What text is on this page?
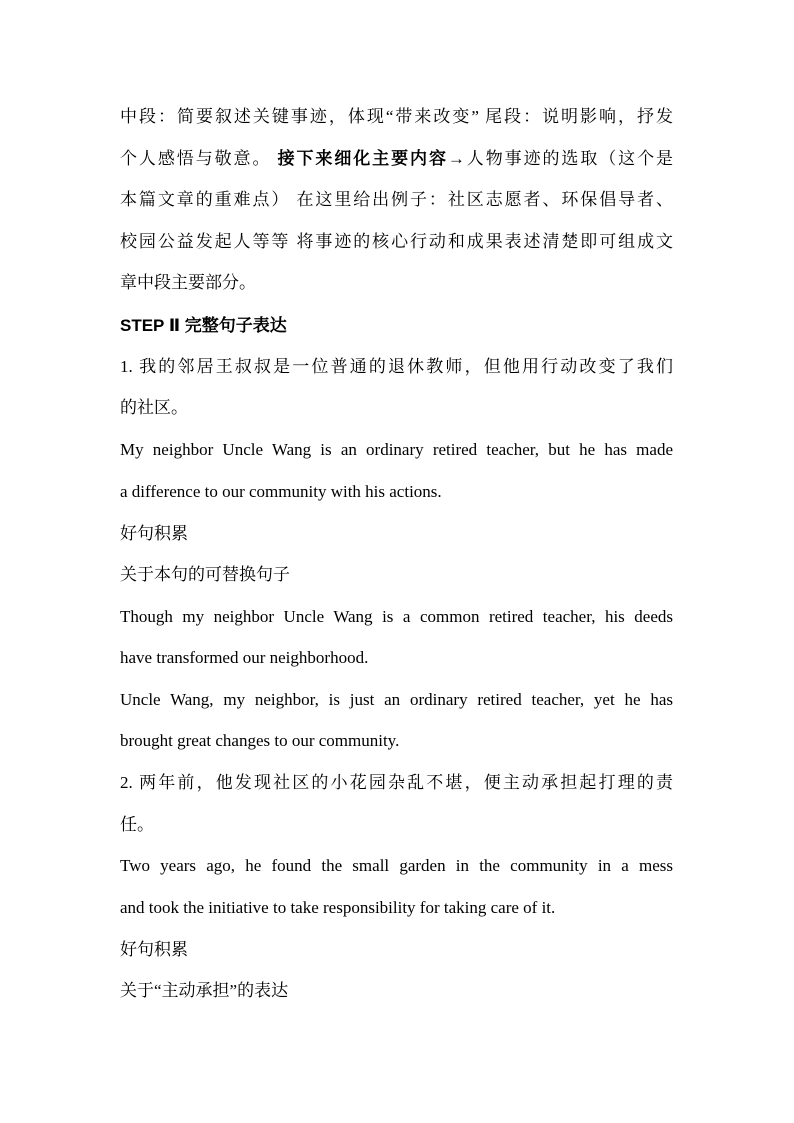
中段：简要叙述关键事迹，体现“带来改变” 尾段：说明影响，抒发
个人感悟与敬意。 接下来细化主要内容→人物事迹的选取（这个是
本篇文章的重难点） 在这里给出例子：社区志愿者、环保倡导者、
校园公益发起人等等 将事迹的核心行动和成果表述清楚即可组成文
章中段主要部分。
STEP Ⅱ 完整句子表达
1. 我的邻居王叔叔是一位普通的退休教师，但他用行动改变了我们
的社区。
My neighbor Uncle Wang is an ordinary retired teacher, but he has made
a difference to our community with his actions.
好句积累
关于本句的可替换句子
Though my neighbor Uncle Wang is a common retired teacher, his deeds
have transformed our neighborhood.
Uncle Wang, my neighbor, is just an ordinary retired teacher, yet he has
brought great changes to our community.
2. 两年前，他发现社区的小花园杂乱不堪，便主动承担起打理的责
任。
Two years ago, he found the small garden in the community in a mess
and took the initiative to take responsibility for taking care of it.
好句积累
关于“主动承担”的表达
